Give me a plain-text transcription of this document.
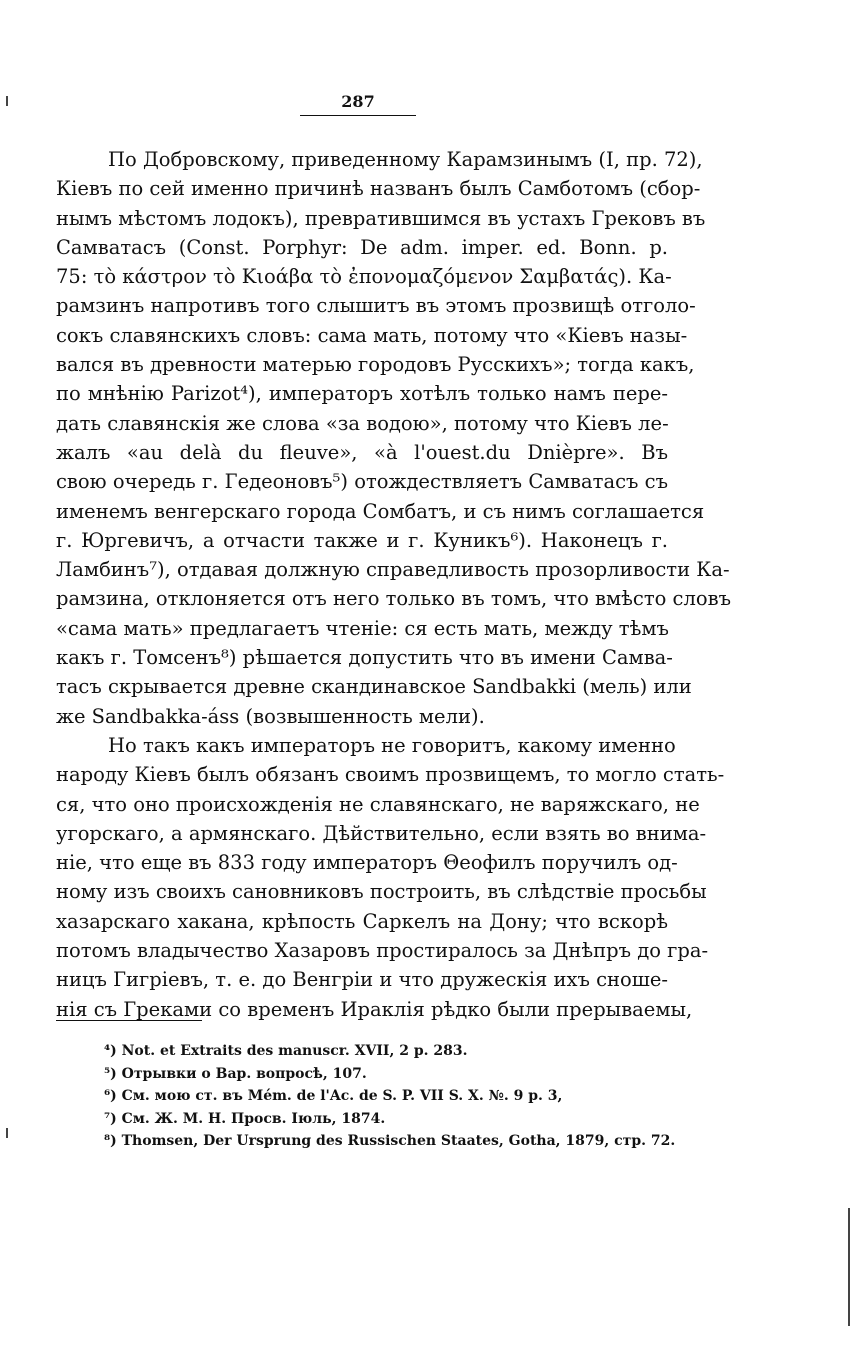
287
По Добровскому, приведенному Карамзинымъ (I, пр. 72),
Кіевъ по сей именно причинѣ названъ былъ Самботомъ (сбор-
нымъ мѣстомъ лодокъ), превратившимся въ устахъ Грековъ въ
Самватасъ (Const. Porphyr: De adm. imper. ed. Bonn. p.
75: τὸ κάστρον τὸ Κιοάβα τὸ ἐπονομαζόμενον Σαμβατάς). Ка-
рамзинъ напротивъ того слышитъ въ этомъ прозвищѣ отголо-
сокъ славянскихъ словъ: сама мать, потому что «Кіевъ назы-
вался въ древности матерью городовъ Русскихъ»; тогда какъ,
по мнѣнію Parizot⁴), императоръ хотѣлъ только намъ пере-
дать славянскія же слова «за водою», потому что Кіевъ ле-
жалъ «au delà du fleuve», «à l'ouest.du Dnièpre». Въ
свою очередь г. Гедеоновъ⁵) отождествляетъ Самватасъ съ
именемъ венгерскаго города Сомбатъ, и съ нимъ соглашается
г. Юргевичъ, а отчасти также и г. Куникъ⁶). Наконецъ г.
Ламбинъ⁷), отдавая должную справедливость прозорливости Ка-
рамзина, отклоняется отъ него только въ томъ, что вмѣсто словъ
«сама мать» предлагаетъ чтеніе: ся есть мать, между тѣмъ
какъ г. Томсенъ⁸) рѣшается допустить что въ имени Самва-
тасъ скрывается древне скандинавское Sandbakki (мель) или
же Sandbakka-áss (возвышенность мели).
Но такъ какъ императоръ не говоритъ, какому именно
народу Кіевъ былъ обязанъ своимъ прозвищемъ, то могло стать-
ся, что оно происхожденія не славянскаго, не варяжскаго, не
угорскаго, а армянскаго. Дѣйствительно, если взять во внима-
ніе, что еще въ 833 году императоръ Θеофилъ поручилъ од-
ному изъ своихъ сановниковъ построить, въ слѣдствіе просьбы
хазарскаго хакана, крѣпость Саркелъ на Дону; что вскорѣ
потомъ владычество Хазаровъ простиралось за Днѣпръ до гра-
ницъ Гигріевъ, т. е. до Венгріи и что дружескія ихъ сноше-
нія съ Греками со временъ Ираклія рѣдко были прерываемы,
⁴) Not. et Extraits des manuscr. XVII, 2 p. 283.
⁵) Отрывки о Вар. вопросѣ, 107.
⁶) См. мою ст. въ Mém. de l'Ac. de S. P. VII S. X. №. 9 p. 3,
⁷) См. Ж. М. Н. Просв. Іюль, 1874.
⁸) Thomsen, Der Ursprung des Russischen Staates, Gotha, 1879, стр. 72.
